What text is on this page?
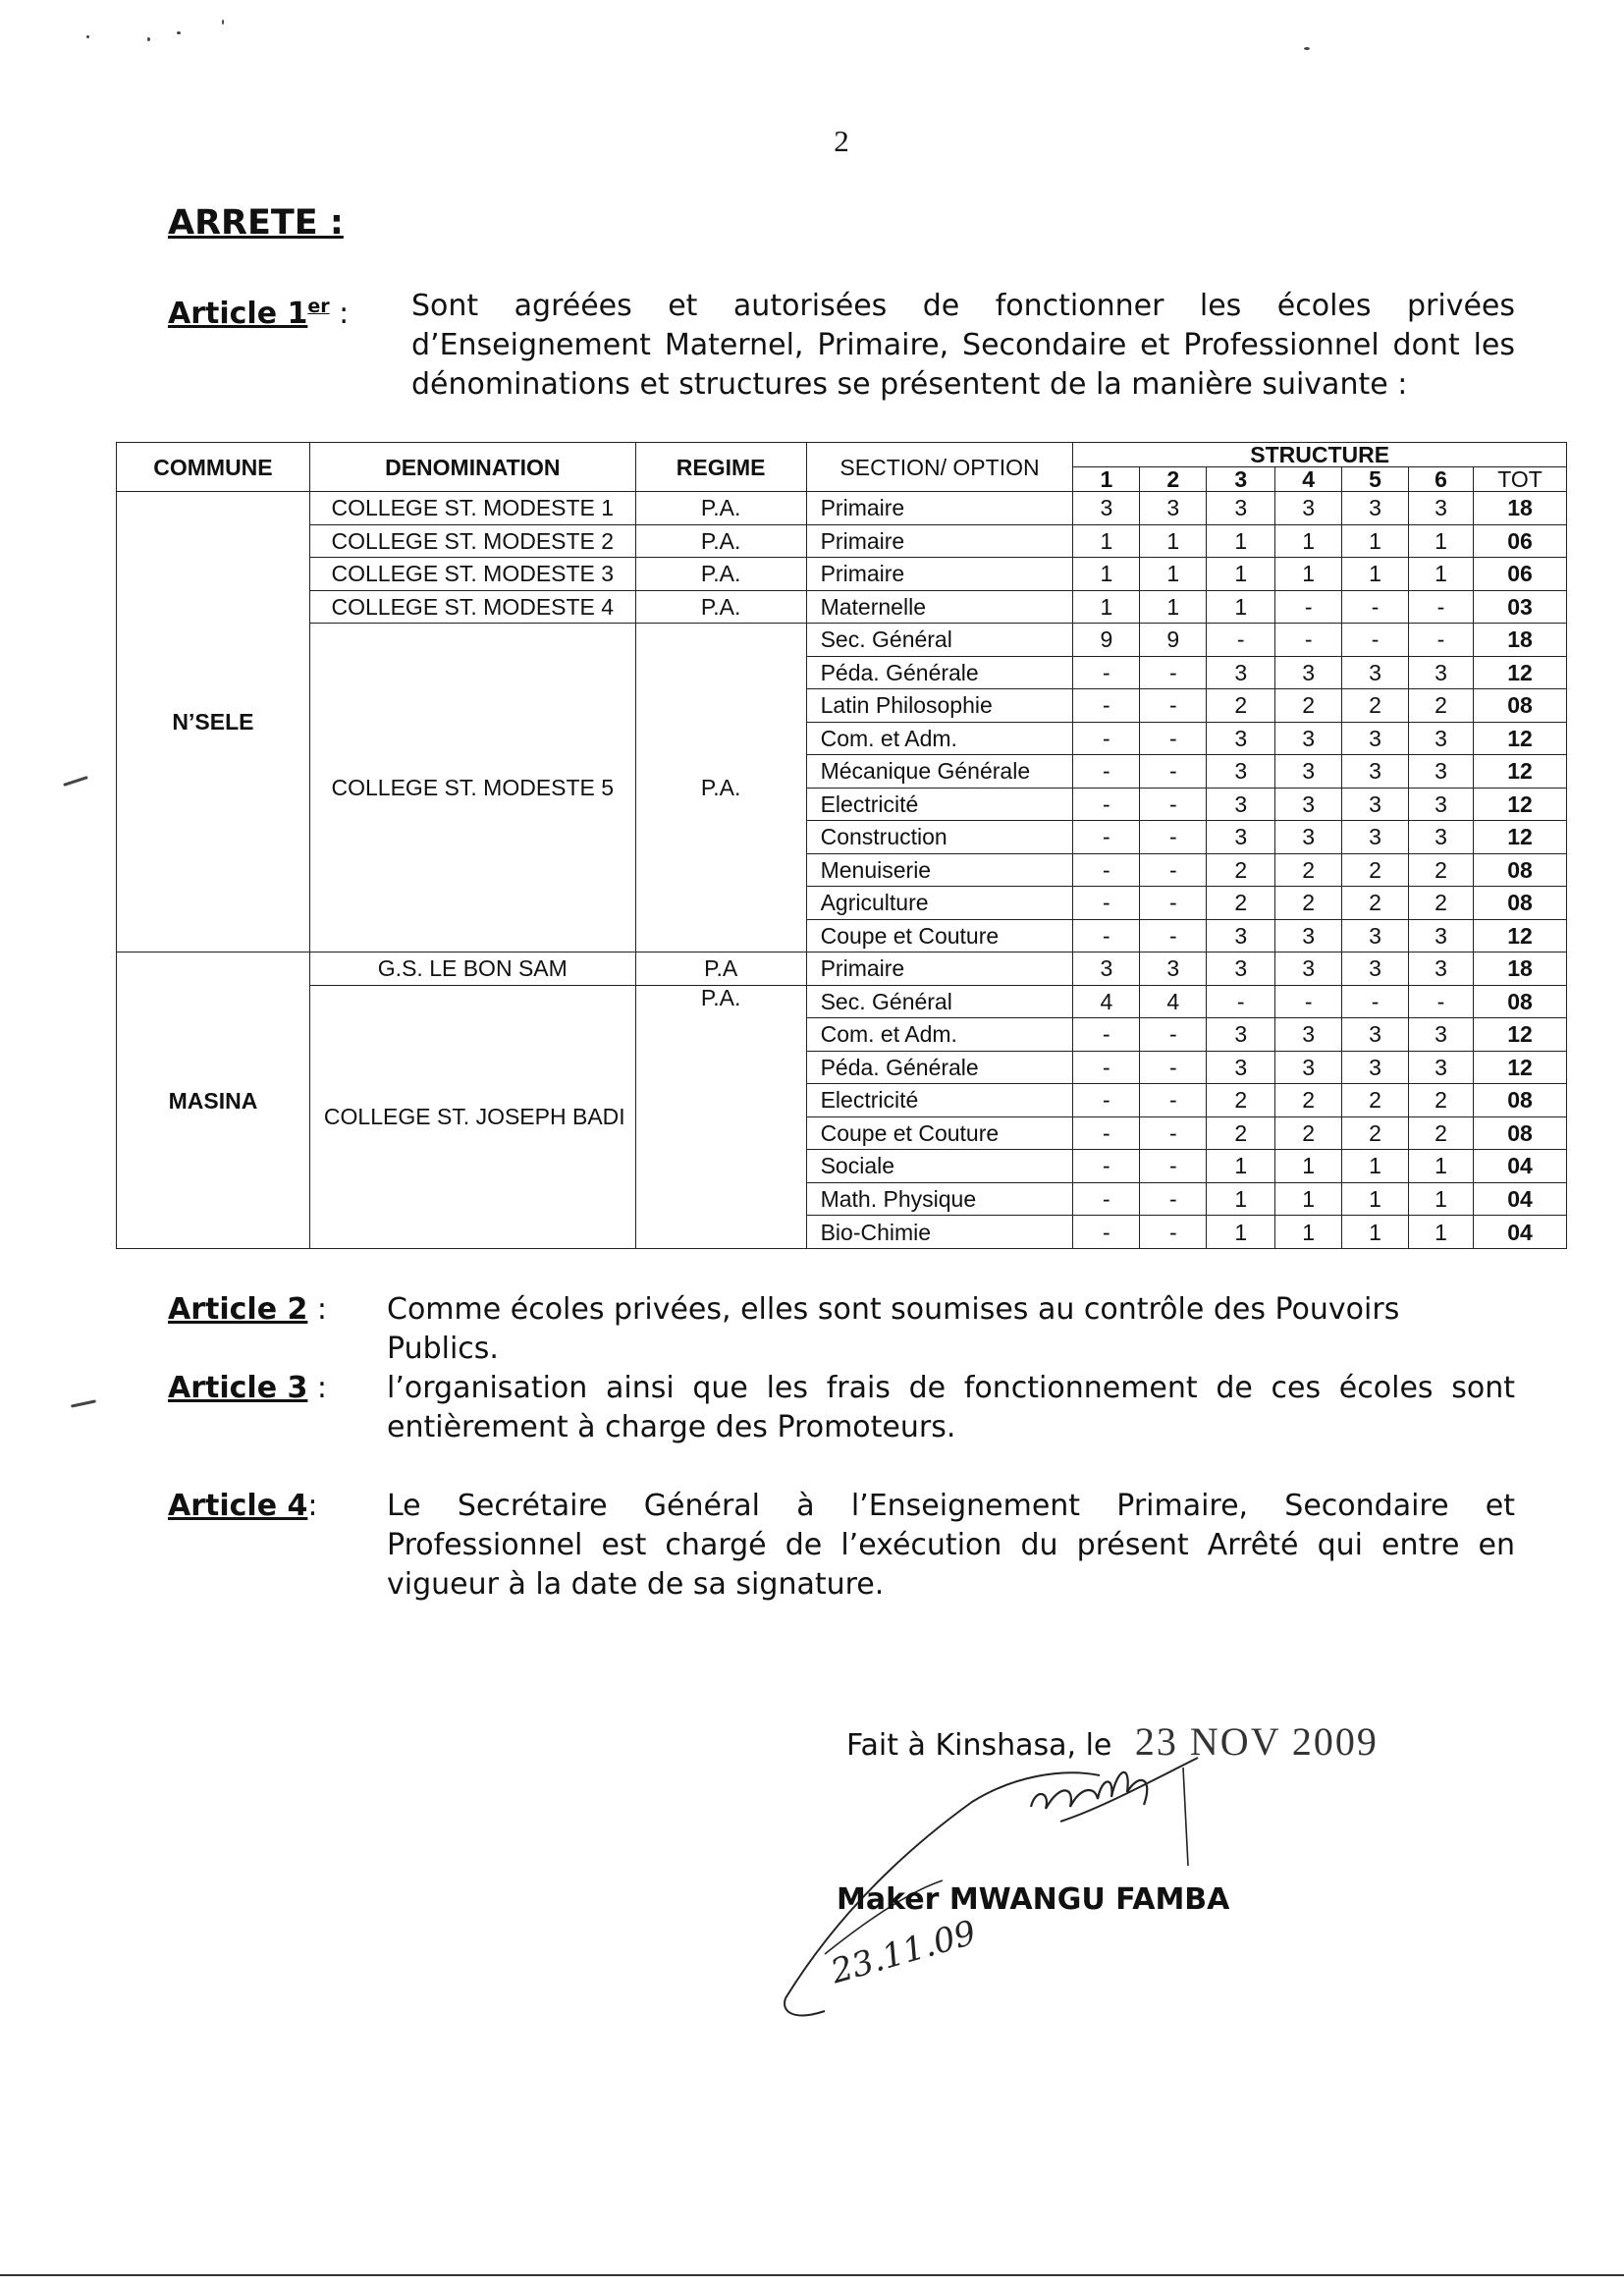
2
ARRETE :
Article 1er : Sont agréées et autorisées de fonctionner les écoles privées d’Enseignement Maternel, Primaire, Secondaire et Professionnel dont les dénominations et structures se présentent de la manière suivante :
COMMUNE	DENOMINATION	REGIME	SECTION/ OPTION	STRUCTURE						
				1	2	3	4	5	6	TOT
N’SELE	COLLEGE ST. MODESTE 1	P.A.	Primaire	3	3	3	3	3	3	18
	COLLEGE ST. MODESTE 2	P.A.	Primaire	1	1	1	1	1	1	06
	COLLEGE ST. MODESTE 3	P.A.	Primaire	1	1	1	1	1	1	06
	COLLEGE ST. MODESTE 4	P.A.	Maternelle	1	1	1	-	-	-	03
	COLLEGE ST. MODESTE 5	P.A.	Sec. Général	9	9	-	-	-	-	18
			Péda. Générale	-	-	3	3	3	3	12
			Latin Philosophie	-	-	2	2	2	2	08
			Com. et Adm.	-	-	3	3	3	3	12
			Mécanique Générale	-	-	3	3	3	3	12
			Electricité	-	-	3	3	3	3	12
			Construction	-	-	3	3	3	3	12
			Menuiserie	-	-	2	2	2	2	08
			Agriculture	-	-	2	2	2	2	08
			Coupe et Couture	-	-	3	3	3	3	12
MASINA	G.S. LE BON SAM	P.A	Primaire	3	3	3	3	3	3	18
	COLLEGE ST. JOSEPH BADI	P.A.	Sec. Général	4	4	-	-	-	-	08
			Com. et Adm.	-	-	3	3	3	3	12
			Péda. Générale	-	-	3	3	3	3	12
			Electricité	-	-	2	2	2	2	08
			Coupe et Couture	-	-	2	2	2	2	08
			Sociale	-	-	1	1	1	1	04
			Math. Physique	-	-	1	1	1	1	04
			Bio-Chimie	-	-	1	1	1	1	04
Article 2 : Comme écoles privées, elles sont soumises au contrôle des Pouvoirs Publics.
Article 3 : l’organisation ainsi que les frais de fonctionnement de ces écoles sont entièrement à charge des Promoteurs.
Article 4: Le Secrétaire Général à l’Enseignement Primaire, Secondaire et Professionnel est chargé de l’exécution du présent Arrêté qui entre en vigueur à la date de sa signature.
Fait à Kinshasa, le 23 NOV 2009
Maker MWANGU FAMBA
23.11.09
